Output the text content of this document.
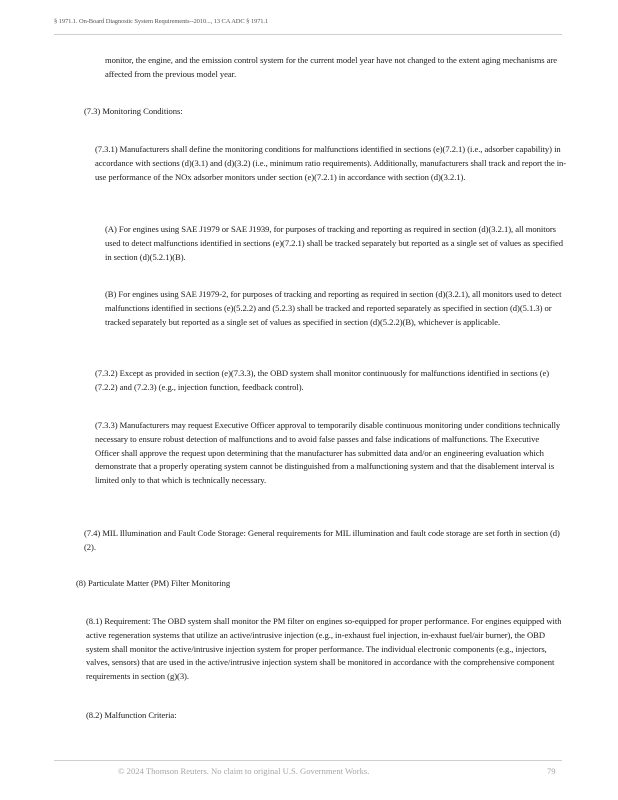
§ 1971.1. On-Board Diagnostic System Requirements--2010..., 13 CA ADC § 1971.1

monitor, the engine, and the emission control system for the current model year have not changed to the extent aging mechanisms are affected from the previous model year.

(7.3) Monitoring Conditions:

(7.3.1) Manufacturers shall define the monitoring conditions for malfunctions identified in sections (e)(7.2.1) (i.e., adsorber capability) in accordance with sections (d)(3.1) and (d)(3.2) (i.e., minimum ratio requirements). Additionally, manufacturers shall track and report the in-use performance of the NOx adsorber monitors under section (e)(7.2.1) in accordance with section (d)(3.2.1).

(A) For engines using SAE J1979 or SAE J1939, for purposes of tracking and reporting as required in section (d)(3.2.1), all monitors used to detect malfunctions identified in sections (e)(7.2.1) shall be tracked separately but reported as a single set of values as specified in section (d)(5.2.1)(B).

(B) For engines using SAE J1979-2, for purposes of tracking and reporting as required in section (d)(3.2.1), all monitors used to detect malfunctions identified in sections (e)(5.2.2) and (5.2.3) shall be tracked and reported separately as specified in section (d)(5.1.3) or tracked separately but reported as a single set of values as specified in section (d)(5.2.2)(B), whichever is applicable.

(7.3.2) Except as provided in section (e)(7.3.3), the OBD system shall monitor continuously for malfunctions identified in sections (e)(7.2.2) and (7.2.3) (e.g., injection function, feedback control).

(7.3.3) Manufacturers may request Executive Officer approval to temporarily disable continuous monitoring under conditions technically necessary to ensure robust detection of malfunctions and to avoid false passes and false indications of malfunctions. The Executive Officer shall approve the request upon determining that the manufacturer has submitted data and/or an engineering evaluation which demonstrate that a properly operating system cannot be distinguished from a malfunctioning system and that the disablement interval is limited only to that which is technically necessary.

(7.4) MIL Illumination and Fault Code Storage: General requirements for MIL illumination and fault code storage are set forth in section (d)(2).

(8) Particulate Matter (PM) Filter Monitoring

(8.1) Requirement: The OBD system shall monitor the PM filter on engines so-equipped for proper performance. For engines equipped with active regeneration systems that utilize an active/intrusive injection (e.g., in-exhaust fuel injection, in-exhaust fuel/air burner), the OBD system shall monitor the active/intrusive injection system for proper performance. The individual electronic components (e.g., injectors, valves, sensors) that are used in the active/intrusive injection system shall be monitored in accordance with the comprehensive component requirements in section (g)(3).

(8.2) Malfunction Criteria:

© 2024 Thomson Reuters. No claim to original U.S. Government Works.	79
